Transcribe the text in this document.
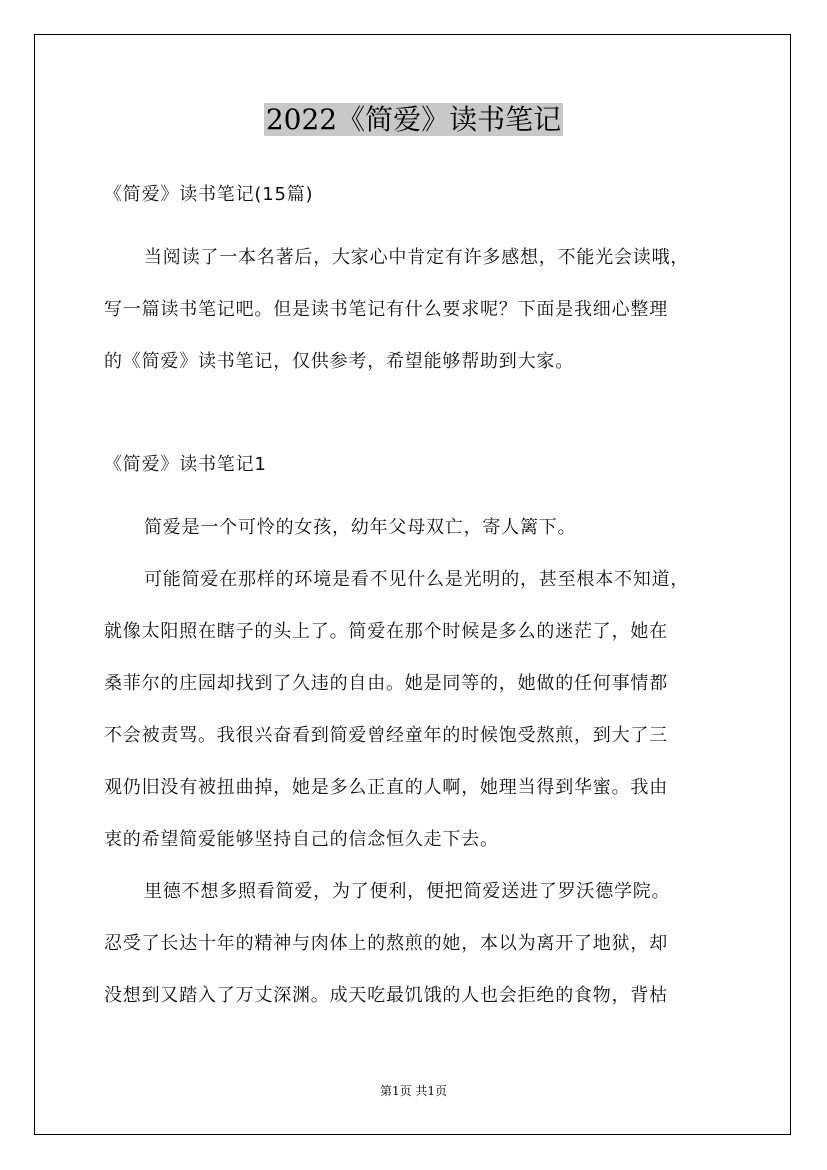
2022《简爱》读书笔记
《简爱》读书笔记(15篇)
当阅读了一本名著后，大家心中肯定有许多感想，不能光会读哦，
写一篇读书笔记吧。但是读书笔记有什么要求呢？下面是我细心整理
的《简爱》读书笔记，仅供参考，希望能够帮助到大家。
《简爱》读书笔记1
简爱是一个可怜的女孩，幼年父母双亡，寄人篱下。
可能简爱在那样的环境是看不见什么是光明的，甚至根本不知道，
就像太阳照在瞎子的头上了。简爱在那个时候是多么的迷茫了，她在
桑菲尔的庄园却找到了久违的自由。她是同等的，她做的任何事情都
不会被责骂。我很兴奋看到简爱曾经童年的时候饱受熬煎，到大了三
观仍旧没有被扭曲掉，她是多么正直的人啊，她理当得到华蜜。我由
衷的希望简爱能够坚持自己的信念恒久走下去。
里德不想多照看简爱，为了便利，便把简爱送进了罗沃德学院。
忍受了长达十年的精神与肉体上的熬煎的她，本以为离开了地狱，却
没想到又踏入了万丈深渊。成天吃最饥饿的人也会拒绝的食物，背枯
第1页 共1页
